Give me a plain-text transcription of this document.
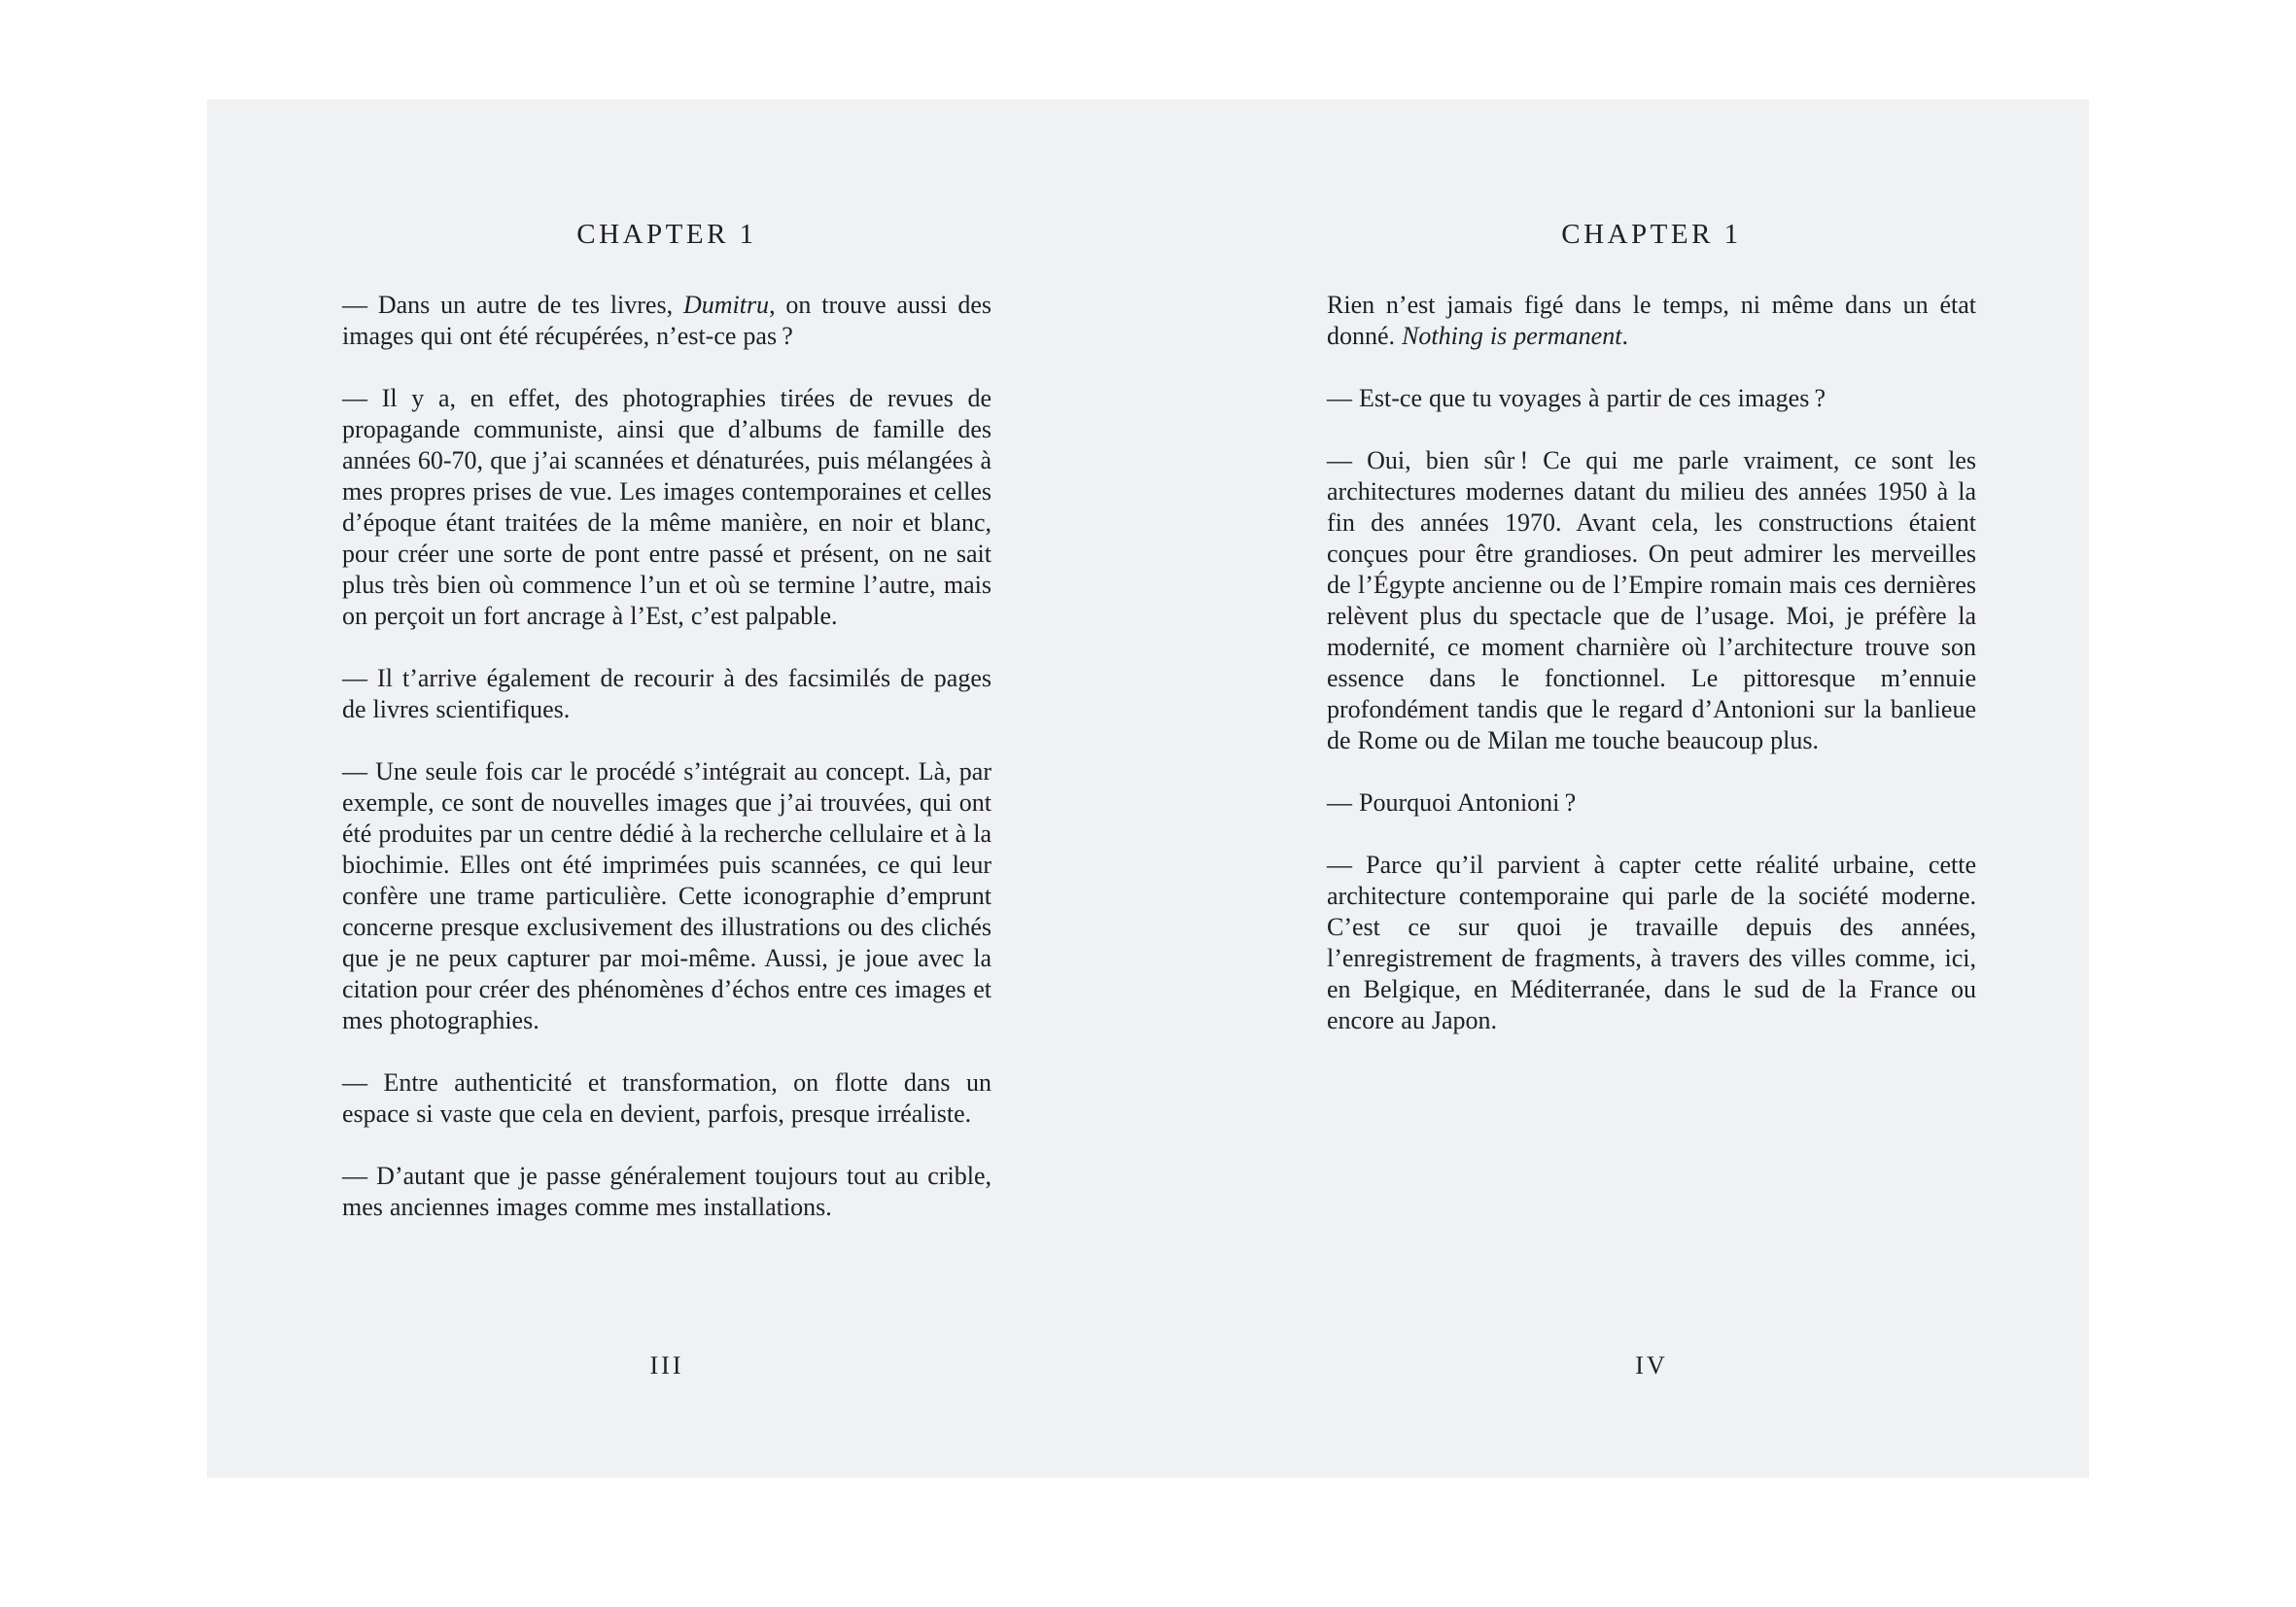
CHAPTER 1

— Dans un autre de tes livres, Dumitru, on trouve aussi des images qui ont été récupérées, n’est-ce pas ?

— Il y a, en effet, des photographies tirées de revues de propagande communiste, ainsi que d’albums de famille des années 60-70, que j’ai scannées et dénaturées, puis mélangées à mes propres prises de vue. Les images contemporaines et celles d’époque étant traitées de la même manière, en noir et blanc, pour créer une sorte de pont entre passé et présent, on ne sait plus très bien où commence l’un et où se termine l’autre, mais on perçoit un fort ancrage à l’Est, c’est palpable.

— Il t’arrive également de recourir à des facsimilés de pages de livres scientifiques.

— Une seule fois car le procédé s’intégrait au concept. Là, par exemple, ce sont de nouvelles images que j’ai trouvées, qui ont été produites par un centre dédié à la recherche cellulaire et à la biochimie. Elles ont été imprimées puis scannées, ce qui leur confère une trame particulière. Cette iconographie d’emprunt concerne presque exclusivement des illustrations ou des clichés que je ne peux capturer par moi-même. Aussi, je joue avec la citation pour créer des phénomènes d’échos entre ces images et mes photographies.

— Entre authenticité et transformation, on flotte dans un espace si vaste que cela en devient, parfois, presque irréaliste.

— D’autant que je passe généralement toujours tout au crible, mes anciennes images comme mes installations.

III
CHAPTER 1

Rien n’est jamais figé dans le temps, ni même dans un état donné. Nothing is permanent.

— Est-ce que tu voyages à partir de ces images ?

— Oui, bien sûr ! Ce qui me parle vraiment, ce sont les architectures modernes datant du milieu des années 1950 à la fin des années 1970. Avant cela, les constructions étaient conçues pour être grandioses. On peut admirer les merveilles de l’Égypte ancienne ou de l’Empire romain mais ces dernières relèvent plus du spectacle que de l’usage. Moi, je préfère la modernité, ce moment charnière où l’architecture trouve son essence dans le fonctionnel. Le pittoresque m’ennuie profondément tandis que le regard d’Antonioni sur la banlieue de Rome ou de Milan me touche beaucoup plus.

— Pourquoi Antonioni ?

— Parce qu’il parvient à capter cette réalité urbaine, cette architecture contemporaine qui parle de la société moderne. C’est ce sur quoi je travaille depuis des années, l’enregistrement de fragments, à travers des villes comme, ici, en Belgique, en Méditerranée, dans le sud de la France ou encore au Japon.

IV
